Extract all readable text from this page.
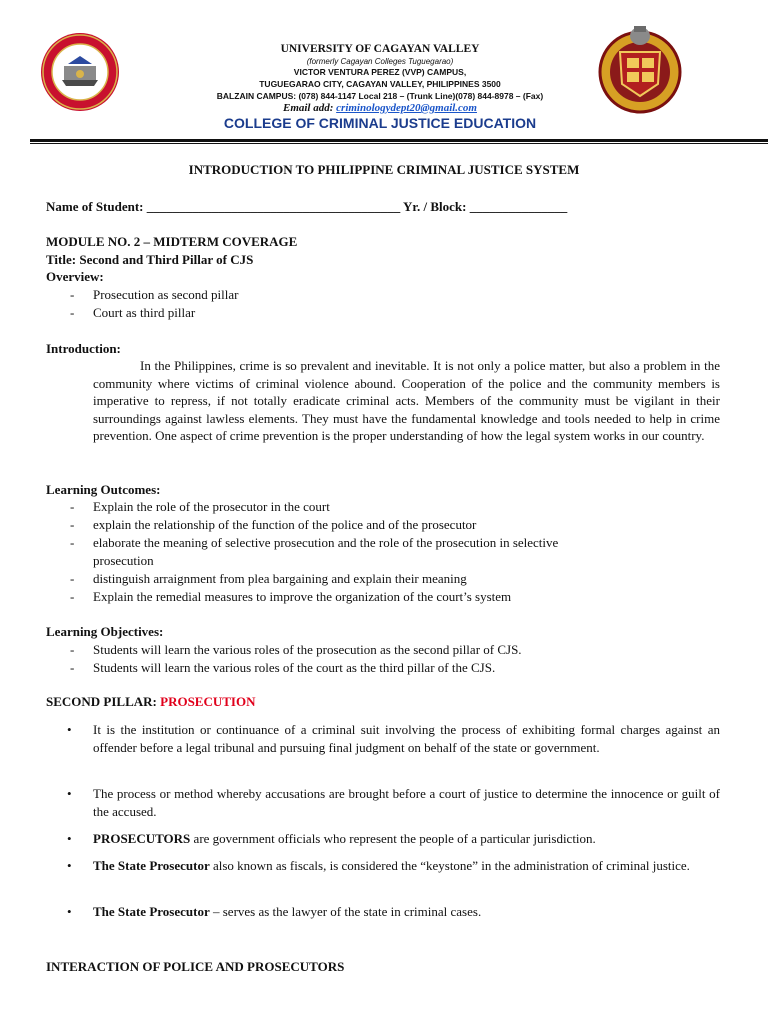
UNIVERSITY OF CAGAYAN VALLEY
(formerly Cagayan Colleges Tuguegarao)
VICTOR VENTURA PEREZ (VVP) CAMPUS,
TUGUEGARAO CITY, CAGAYAN VALLEY, PHILIPPINES 3500
BALZAIN CAMPUS: (078) 844-1147 Local 218 – (Trunk Line)(078) 844-8978 – (Fax)
Email add: criminologydept20@gmail.com
COLLEGE OF CRIMINAL JUSTICE EDUCATION
INTRODUCTION TO PHILIPPINE CRIMINAL JUSTICE SYSTEM
Name of Student: _______________________________________ Yr. / Block: _______________
MODULE NO. 2 – MIDTERM COVERAGE
Title: Second and Third Pillar of CJS
Overview:
- Prosecution as second pillar
- Court as third pillar
Introduction:
In the Philippines, crime is so prevalent and inevitable. It is not only a police matter, but also a problem in the community where victims of criminal violence abound. Cooperation of the police and the community members is imperative to repress, if not totally eradicate criminal acts. Members of the community must be vigilant in their surroundings against lawless elements. They must have the fundamental knowledge and tools needed to help in crime prevention. One aspect of crime prevention is the proper understanding of how the legal system works in our country.
Learning Outcomes:
- Explain the role of the prosecutor in the court
- explain the relationship of the function of the police and of the prosecutor
- elaborate the meaning of selective prosecution and the role of the prosecution in selective
prosecution
- distinguish arraignment from plea bargaining and explain their meaning
- Explain the remedial measures to improve the organization of the court’s system
Learning Objectives:
- Students will learn the various roles of the prosecution as the second pillar of CJS.
- Students will learn the various roles of the court as the third pillar of the CJS.
SECOND PILLAR: PROSECUTION
• It is the institution or continuance of a criminal suit involving the process of exhibiting formal charges against an offender before a legal tribunal and pursuing final judgment on behalf of the state or government.
• The process or method whereby accusations are brought before a court of justice to determine the innocence or guilt of the accused.
• PROSECUTORS are government officials who represent the people of a particular jurisdiction.
• The State Prosecutor also known as fiscals, is considered the “keystone” in the administration of criminal justice.
• The State Prosecutor – serves as the lawyer of the state in criminal cases.
INTERACTION OF POLICE AND PROSECUTORS
